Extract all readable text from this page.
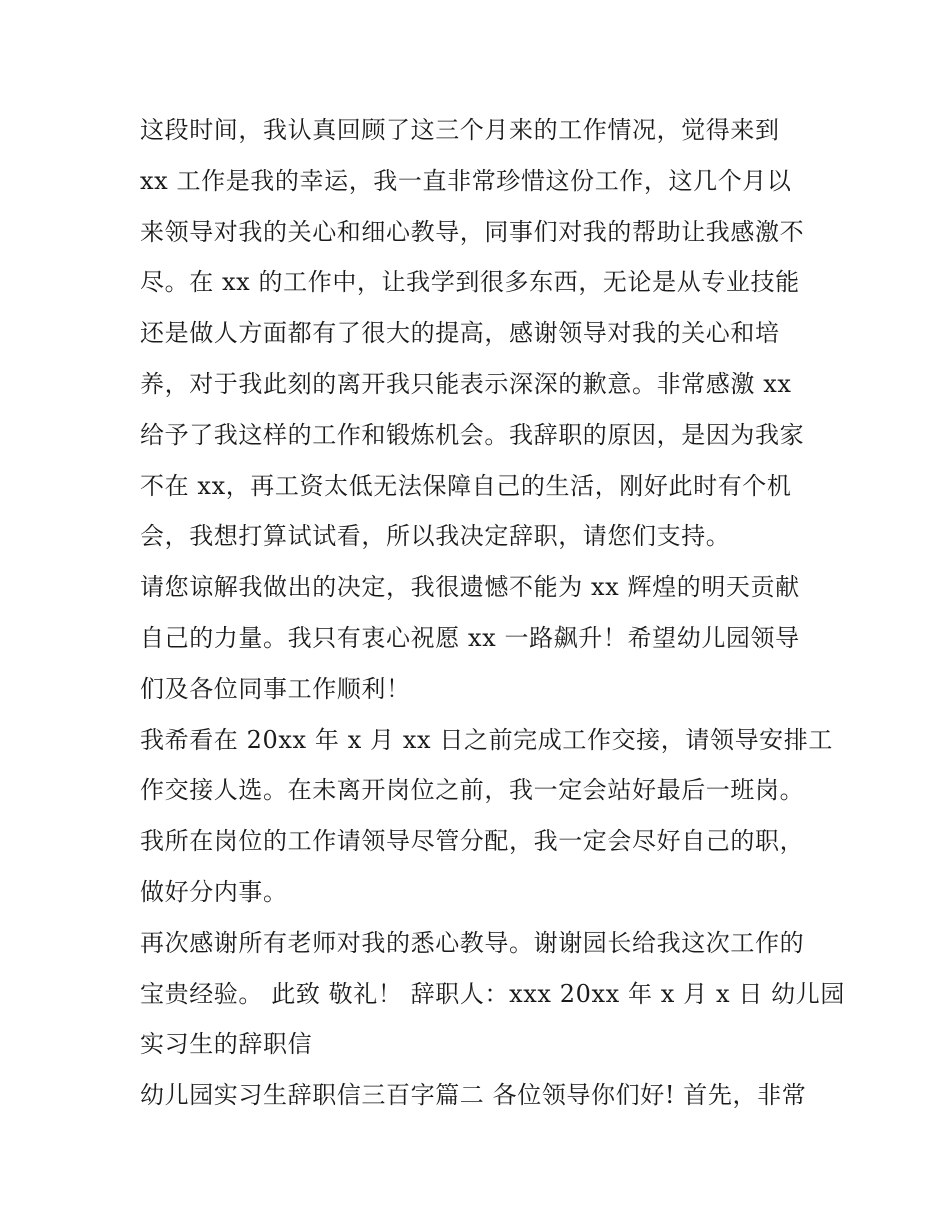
这段时间，我认真回顾了这三个月来的工作情况，觉得来到
xx 工作是我的幸运，我一直非常珍惜这份工作，这几个月以
来领导对我的关心和细心教导，同事们对我的帮助让我感激不
尽。在 xx 的工作中，让我学到很多东西，无论是从专业技能
还是做人方面都有了很大的提高，感谢领导对我的关心和培
养，对于我此刻的离开我只能表示深深的歉意。非常感激 xx
给予了我这样的工作和锻炼机会。我辞职的原因，是因为我家
不在 xx，再工资太低无法保障自己的生活，刚好此时有个机
会，我想打算试试看，所以我决定辞职，请您们支持。
请您谅解我做出的决定，我很遗憾不能为 xx 辉煌的明天贡献
自己的力量。我只有衷心祝愿 xx 一路飙升！希望幼儿园领导
们及各位同事工作顺利！
我希看在 20xx 年 x 月 xx 日之前完成工作交接，请领导安排工
作交接人选。在未离开岗位之前，我一定会站好最后一班岗。
我所在岗位的工作请领导尽管分配，我一定会尽好自己的职，
做好分内事。
再次感谢所有老师对我的悉心教导。谢谢园长给我这次工作的
宝贵经验。 此致 敬礼！ 辞职人：xxx 20xx 年 x 月 x 日 幼儿园
实习生的辞职信
幼儿园实习生辞职信三百字篇二 各位领导你们好! 首先，非常
